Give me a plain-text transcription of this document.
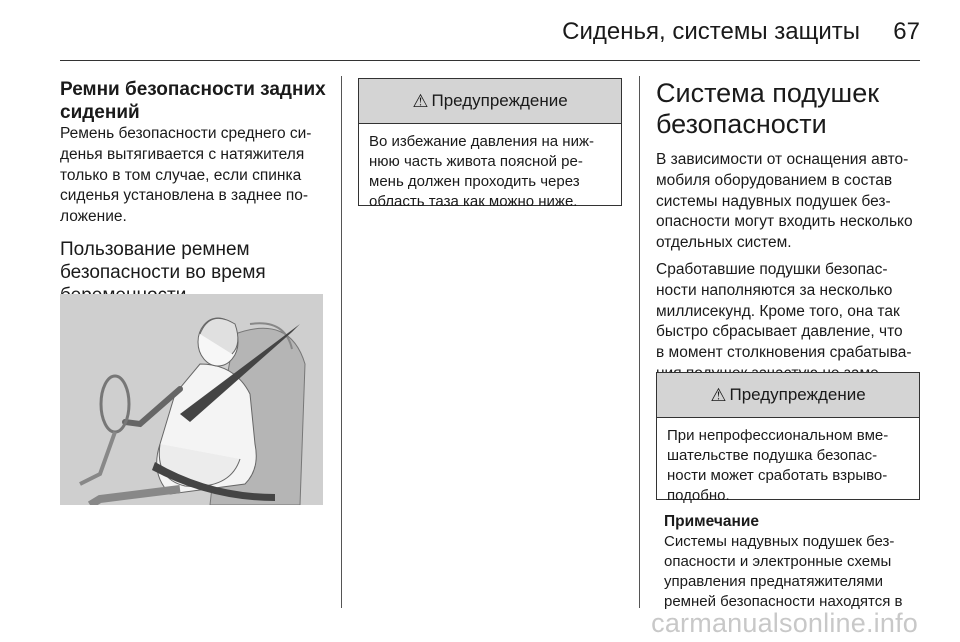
Сиденья, системы защиты	67
Ремни безопасности задних
сидений
Ремень безопасности среднего си-
денья вытягивается с натяжителя
только в том случае, если спинка
сиденья установлена в заднее по-
ложение.
Пользование ремнем
безопасности во время
⚠ Предупреждение
Во избежание давления на ниж-
нюю часть живота поясной ре-
мень должен проходить через
область таза как можно ниже.
Система подушек
безопасности
В зависимости от оснащения авто-
мобиля оборудованием в состав
системы надувных подушек без-
опасности могут входить несколько
отдельных систем.
Сработавшие подушки безопас-
ности наполняются за несколько
миллисекунд. Кроме того, она так
быстро сбрасывает давление, что
в момент столкновения срабатыва-
⚠ Предупреждение
При непрофессиональном вме-
шательстве подушка безопас-
ности может сработать взрыво-
подобно.
Примечание
Системы надувных подушек без-
опасности и электронные схемы
управления преднатяжителями
ремней безопасности находятся в
carmanualsonline.info
